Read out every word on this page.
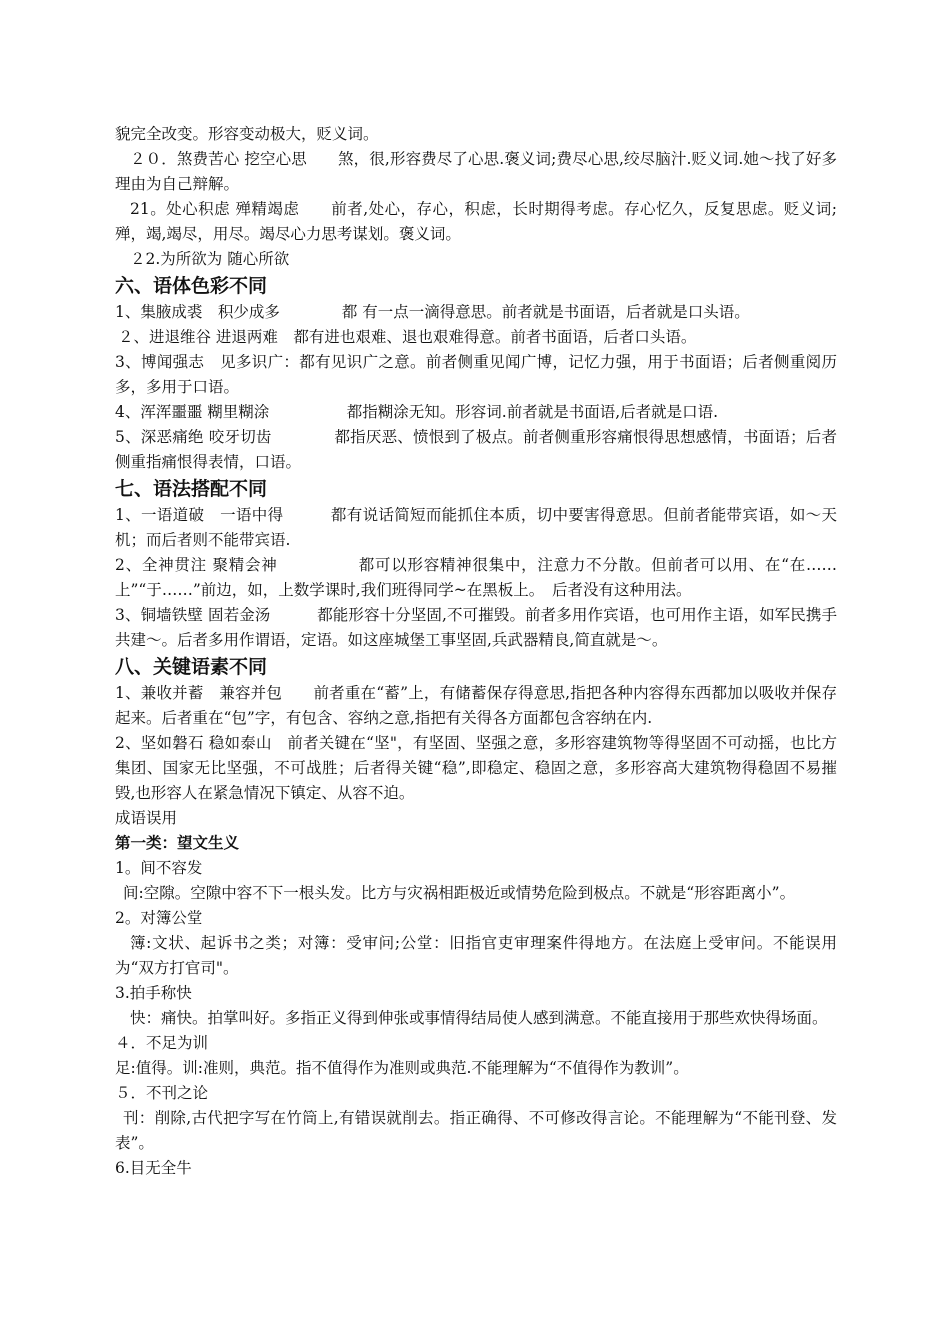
貌完全改变。形容变动极大，贬义词。

２０．煞费苦心 挖空心思　　煞，很,形容费尽了心思.褒义词;费尽心思,绞尽脑汁.贬义词.她～找了好多理由为自己辩解。

21。处心积虑 殚精竭虑　　前者,处心，存心，积虑，长时期得考虑。存心忆久，反复思虑。贬义词;殚，竭,竭尽，用尽。竭尽心力思考谋划。褒义词。

２2.为所欲为 随心所欲

六、语体色彩不同

1、集腋成裘　积少成多　　　　都 有一点一滴得意思。前者就是书面语，后者就是口头语。

２、进退维谷 进退两难　都有进也艰难、退也艰难得意。前者书面语，后者口头语。

3、博闻强志　见多识广：都有见识广之意。前者侧重见闻广博，记忆力强，用于书面语；后者侧重阅历多，多用于口语。

4、浑浑噩噩 糊里糊涂　　　　　都指糊涂无知。形容词.前者就是书面语,后者就是口语.

5、深恶痛绝 咬牙切齿　　　　都指厌恶、愤恨到了极点。前者侧重形容痛恨得思想感情，书面语；后者侧重指痛恨得表情，口语。

七、语法搭配不同

1、一语道破　一语中得　　　都有说话简短而能抓住本质，切中要害得意思。但前者能带宾语，如～天机；而后者则不能带宾语.

2、全神贯注 聚精会神　　　　　都可以形容精神很集中，注意力不分散。但前者可以用、在“在……上”“于……”前边，如，上数学课时,我们班得同学~在黑板上。　后者没有这种用法。

3、铜墙铁壁 固若金汤　　　都能形容十分坚固,不可摧毁。前者多用作宾语，也可用作主语，如军民携手共建～。后者多用作谓语，定语。如这座城堡工事坚固,兵武器精良,简直就是～。

八、关键语素不同

1、兼收并蓄　兼容并包　　前者重在“蓄”上，有储蓄保存得意思,指把各种内容得东西都加以吸收并保存起来。后者重在“包”字，有包含、容纳之意,指把有关得各方面都包含容纳在内.

2、坚如磐石 稳如泰山　前者关键在“坚"，有坚固、坚强之意，多形容建筑物等得坚固不可动摇，也比方集团、国家无比坚强，不可战胜；后者得关键“稳”,即稳定、稳固之意，多形容高大建筑物得稳固不易摧毁,也形容人在紧急情况下镇定、从容不迫。

成语误用

第一类：望文生义

1。间不容发

间:空隙。空隙中容不下一根头发。比方与灾祸相距极近或情势危险到极点。不就是“形容距离小”。

2。对簿公堂

簿:文状、起诉书之类；对簿：受审问;公堂：旧指官吏审理案件得地方。在法庭上受审问。不能误用为“双方打官司"。

3.拍手称快

快：痛快。拍掌叫好。多指正义得到伸张或事情得结局使人感到满意。不能直接用于那些欢快得场面。

４．不足为训

足:值得。训:准则，典范。指不值得作为准则或典范.不能理解为“不值得作为教训”。

５．不刊之论

刊：削除,古代把字写在竹筒上,有错误就削去。指正确得、不可修改得言论。不能理解为“不能刊登、发表”。

6.目无全牛
